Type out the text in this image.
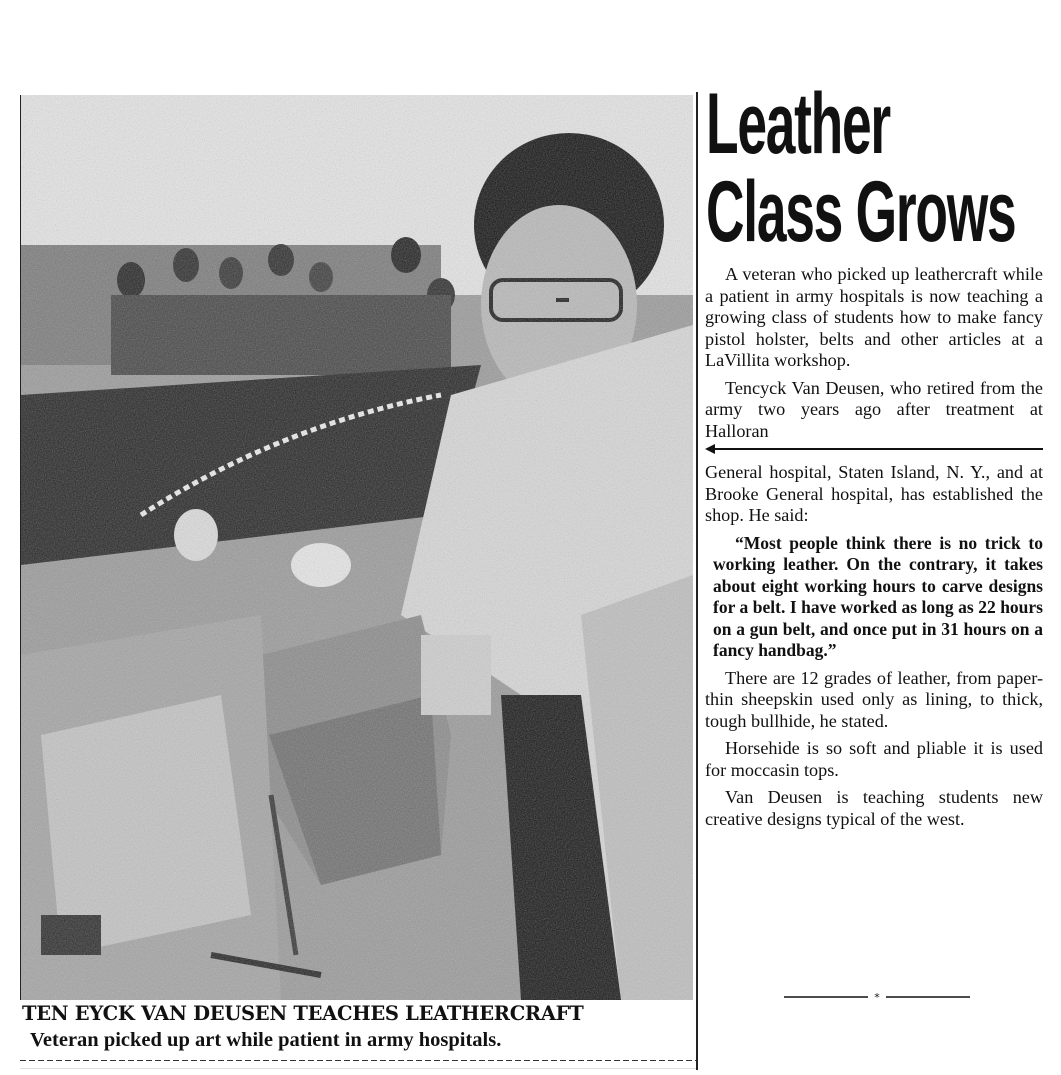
TEN EYCK VAN DEUSEN TEACHES LEATHERCRAFT
Veteran picked up art while patient in army hospitals.
Leather
Class Grows

A veteran who picked up leathercraft while a patient in army hospitals is now teaching a growing class of students how to make fancy pistol holster, belts and other articles at a LaVillita workshop.

Tencyck Van Deusen, who retired from the army two years ago after treatment at Halloran

General hospital, Staten Island, N. Y., and at Brooke General hospital, has established the shop. He said:

“Most people think there is no trick to working leather. On the contrary, it takes about eight working hours to carve designs for a belt. I have worked as long as 22 hours on a gun belt, and once put in 31 hours on a fancy handbag.”

There are 12 grades of leather, from paper-thin sheepskin used only as lining, to thick, tough bullhide, he stated.

Horsehide is so soft and pliable it is used for moccasin tops.

Van Deusen is teaching students new creative designs typical of the west.

*
